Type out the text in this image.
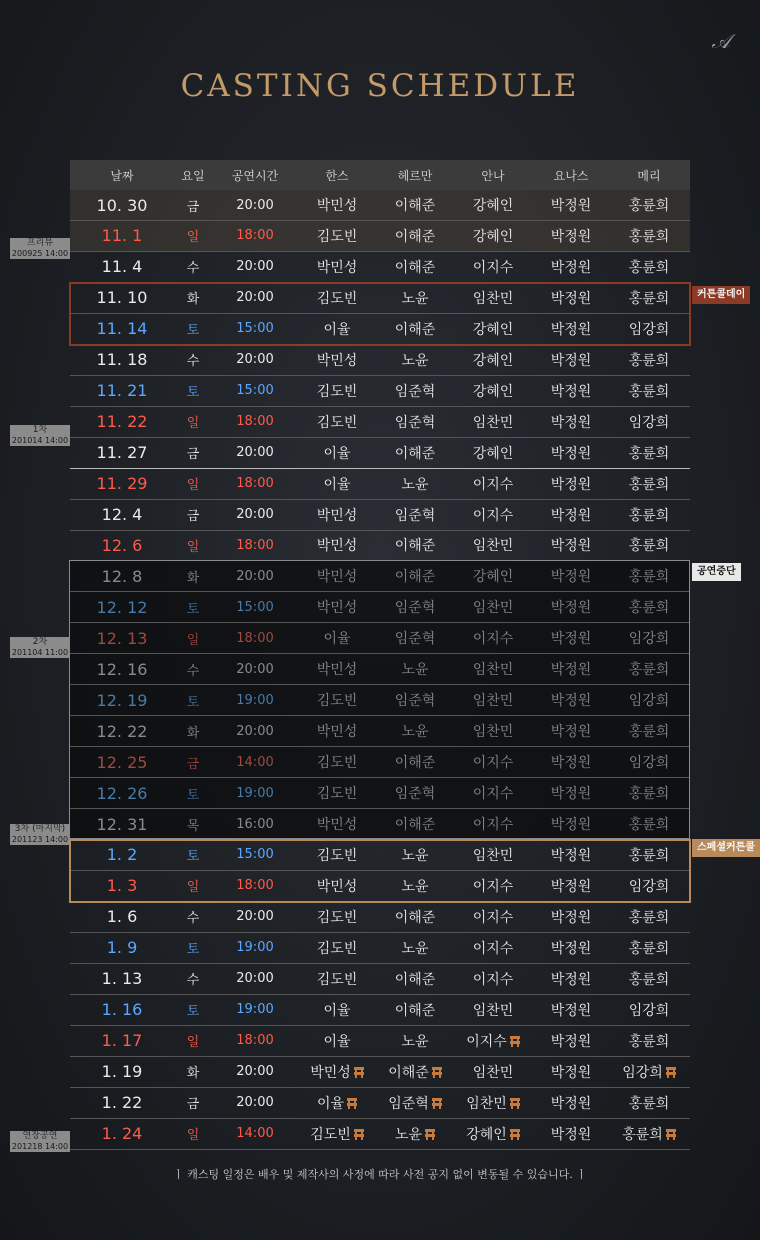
𝒜
CASTING SCHEDULE
날짜	요일	공연시간	한스	헤르만	안나	요나스	메리
10. 30	금	20:00	박민성	이해준	강혜인	박정원	홍륜희
11. 1	일	18:00	김도빈	이해준	강혜인	박정원	홍륜희
11. 4	수	20:00	박민성	이해준	이지수	박정원	홍륜희
11. 10	화	20:00	김도빈	노윤	임찬민	박정원	홍륜희
11. 14	토	15:00	이율	이해준	강혜인	박정원	임강희
11. 18	수	20:00	박민성	노윤	강혜인	박정원	홍륜희
11. 21	토	15:00	김도빈	임준혁	강혜인	박정원	홍륜희
11. 22	일	18:00	김도빈	임준혁	임찬민	박정원	임강희
11. 27	금	20:00	이율	이해준	강혜인	박정원	홍륜희
11. 29	일	18:00	이율	노윤	이지수	박정원	홍륜희
12. 4	금	20:00	박민성	임준혁	이지수	박정원	홍륜희
12. 6	일	18:00	박민성	이해준	임찬민	박정원	홍륜희
12. 8	화	20:00	박민성	이해준	강혜인	박정원	홍륜희
12. 12	토	15:00	박민성	임준혁	임찬민	박정원	홍륜희
12. 13	일	18:00	이율	임준혁	이지수	박정원	임강희
12. 16	수	20:00	박민성	노윤	임찬민	박정원	홍륜희
12. 19	토	19:00	김도빈	임준혁	임찬민	박정원	임강희
12. 22	화	20:00	박민성	노윤	임찬민	박정원	홍륜희
12. 25	금	14:00	김도빈	이해준	이지수	박정원	임강희
12. 26	토	19:00	김도빈	임준혁	이지수	박정원	홍륜희
12. 31	목	16:00	박민성	이해준	이지수	박정원	홍륜희
1. 2	토	15:00	김도빈	노윤	임찬민	박정원	홍륜희
1. 3	일	18:00	박민성	노윤	이지수	박정원	임강희
1. 6	수	20:00	김도빈	이해준	이지수	박정원	홍륜희
1. 9	토	19:00	김도빈	노윤	이지수	박정원	홍륜희
1. 13	수	20:00	김도빈	이해준	이지수	박정원	홍륜희
1. 16	토	19:00	이율	이해준	임찬민	박정원	임강희
1. 17	일	18:00	이율	노윤	이지수	박정원	홍륜희
1. 19	화	20:00	박민성	이해준	임찬민	박정원	임강희
1. 22	금	20:00	이율	임준혁	임찬민	박정원	홍륜희
1. 24	일	14:00	김도빈	노윤	강혜인	박정원	홍륜희
프리뷰
200925 14:00
1차
201014 14:00
2차
201104 11:00
3차 (마지막)
201123 14:00
연장공연
201218 14:00
커튼콜데이
공연중단
스페셜커튼콜
ㅣ 캐스팅 일정은 배우 및 제작사의 사정에 따라 사전 공지 없이 변동될 수 있습니다. ㅣ
